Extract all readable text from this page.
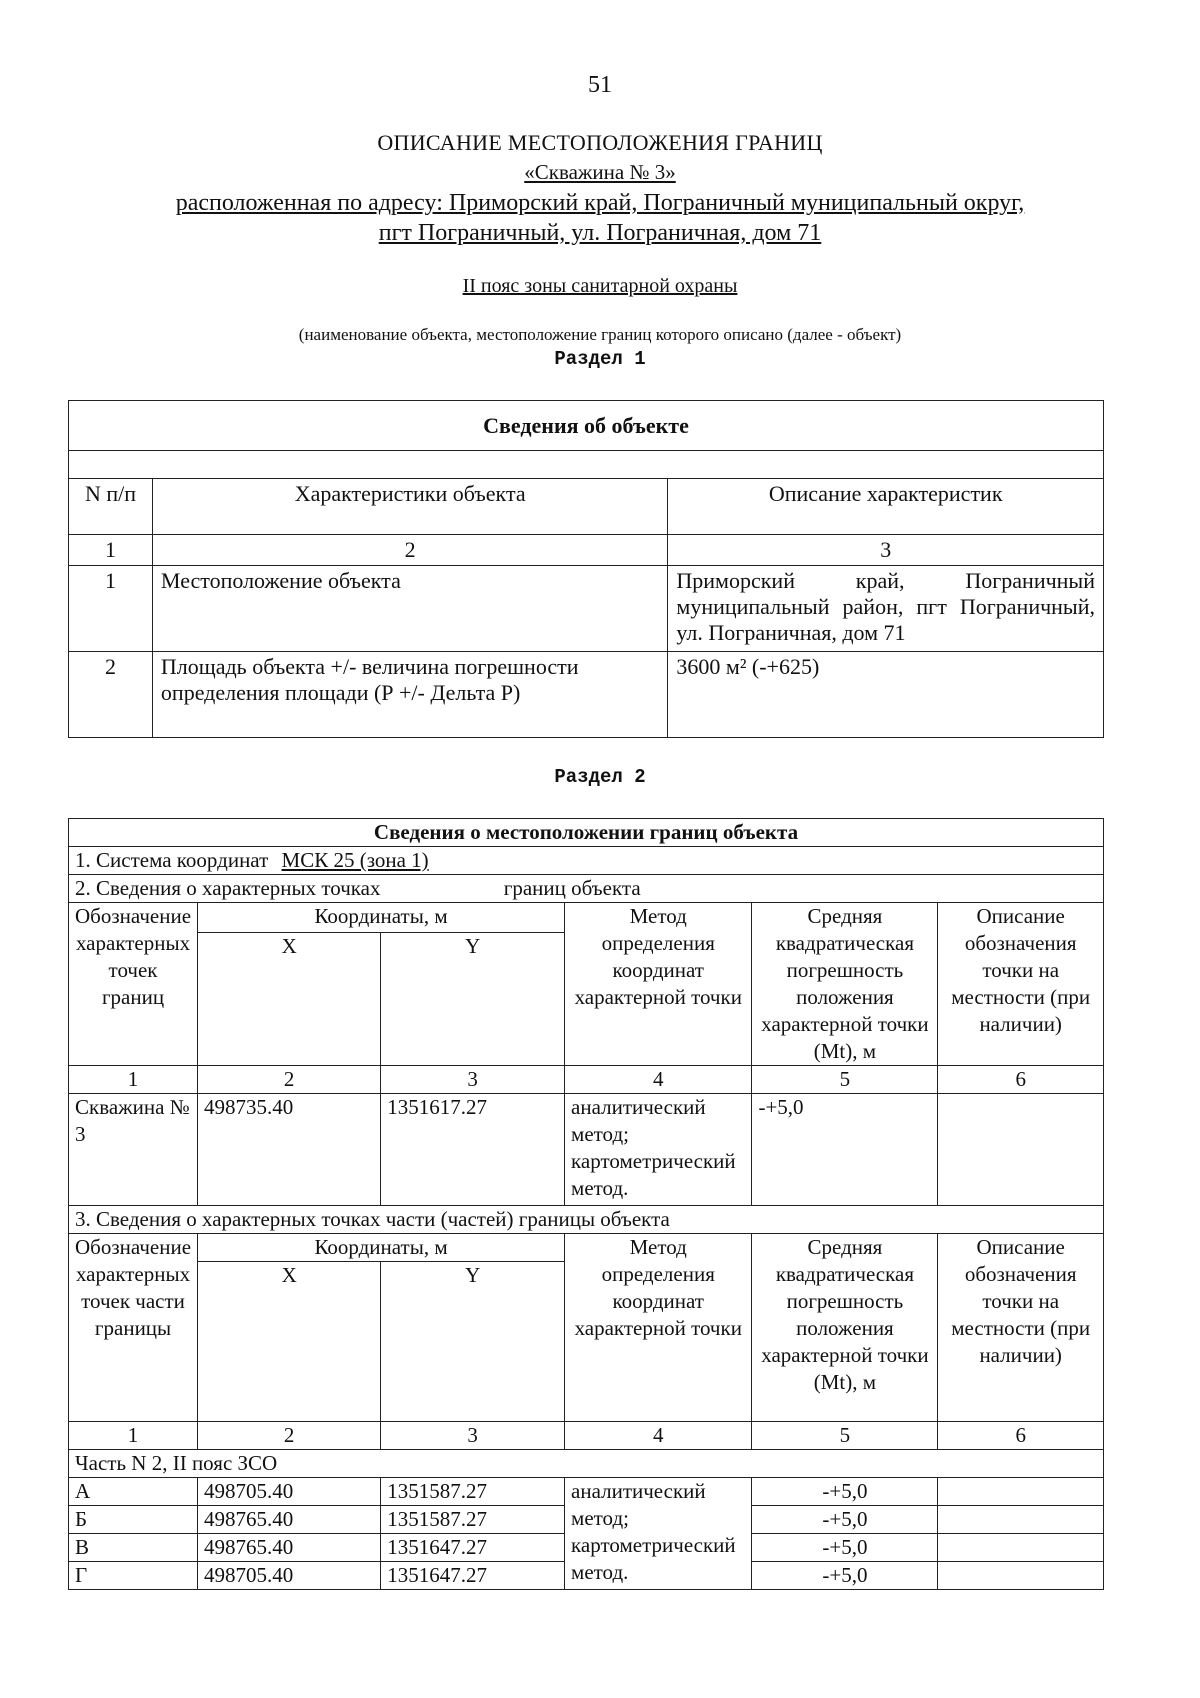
51
ОПИСАНИЕ МЕСТОПОЛОЖЕНИЯ ГРАНИЦ
«Скважина № 3»
расположенная по адресу: Приморский край, Пограничный муниципальный округ,
пгт Пограничный, ул. Пограничная, дом 71
II пояс зоны санитарной охраны
(наименование объекта, местоположение границ которого описано (далее - объект)
Раздел 1
Сведения об объекте		

N п/п	Характеристики объекта	Описание характеристик
1	2	3
1	Местоположение объекта	Приморский край, Пограничный муниципальный район, пгт Пограничный, ул. Пограничная, дом 71
2	Площадь объекта +/- величина погрешности определения площади (Р +/- Дельта Р)	3600 м² (-+625)
Раздел 2
Сведения о местоположении границ объекта					
1. Система координат МСК 25 (зона 1)					
2. Сведения о характерных точках границ объекта					
Обозначение характерных точек границ	Координаты, м		Метод определения координат характерной точки	Средняя квадратическая погрешность положения характерной точки (Mt), м	Описание обозначения точки на местности (при наличии)
	X	Y			
1	2	3	4	5	6
Скважина № 3	498735.40	1351617.27	аналитический метод; картометрический метод.	-+5,0	
3. Сведения о характерных точках части (частей) границы объекта					
Обозначение характерных точек части границы	Координаты, м		Метод определения координат характерной точки	Средняя квадратическая погрешность положения характерной точки (Mt), м	Описание обозначения точки на местности (при наличии)
	X	Y			
1	2	3	4	5	6
Часть N 2, II пояс ЗСО					
А	498705.40	1351587.27	аналитический метод; картометрический метод.	-+5,0	
Б	498765.40	1351587.27		-+5,0	
В	498765.40	1351647.27		-+5,0	
Г	498705.40	1351647.27		-+5,0	
